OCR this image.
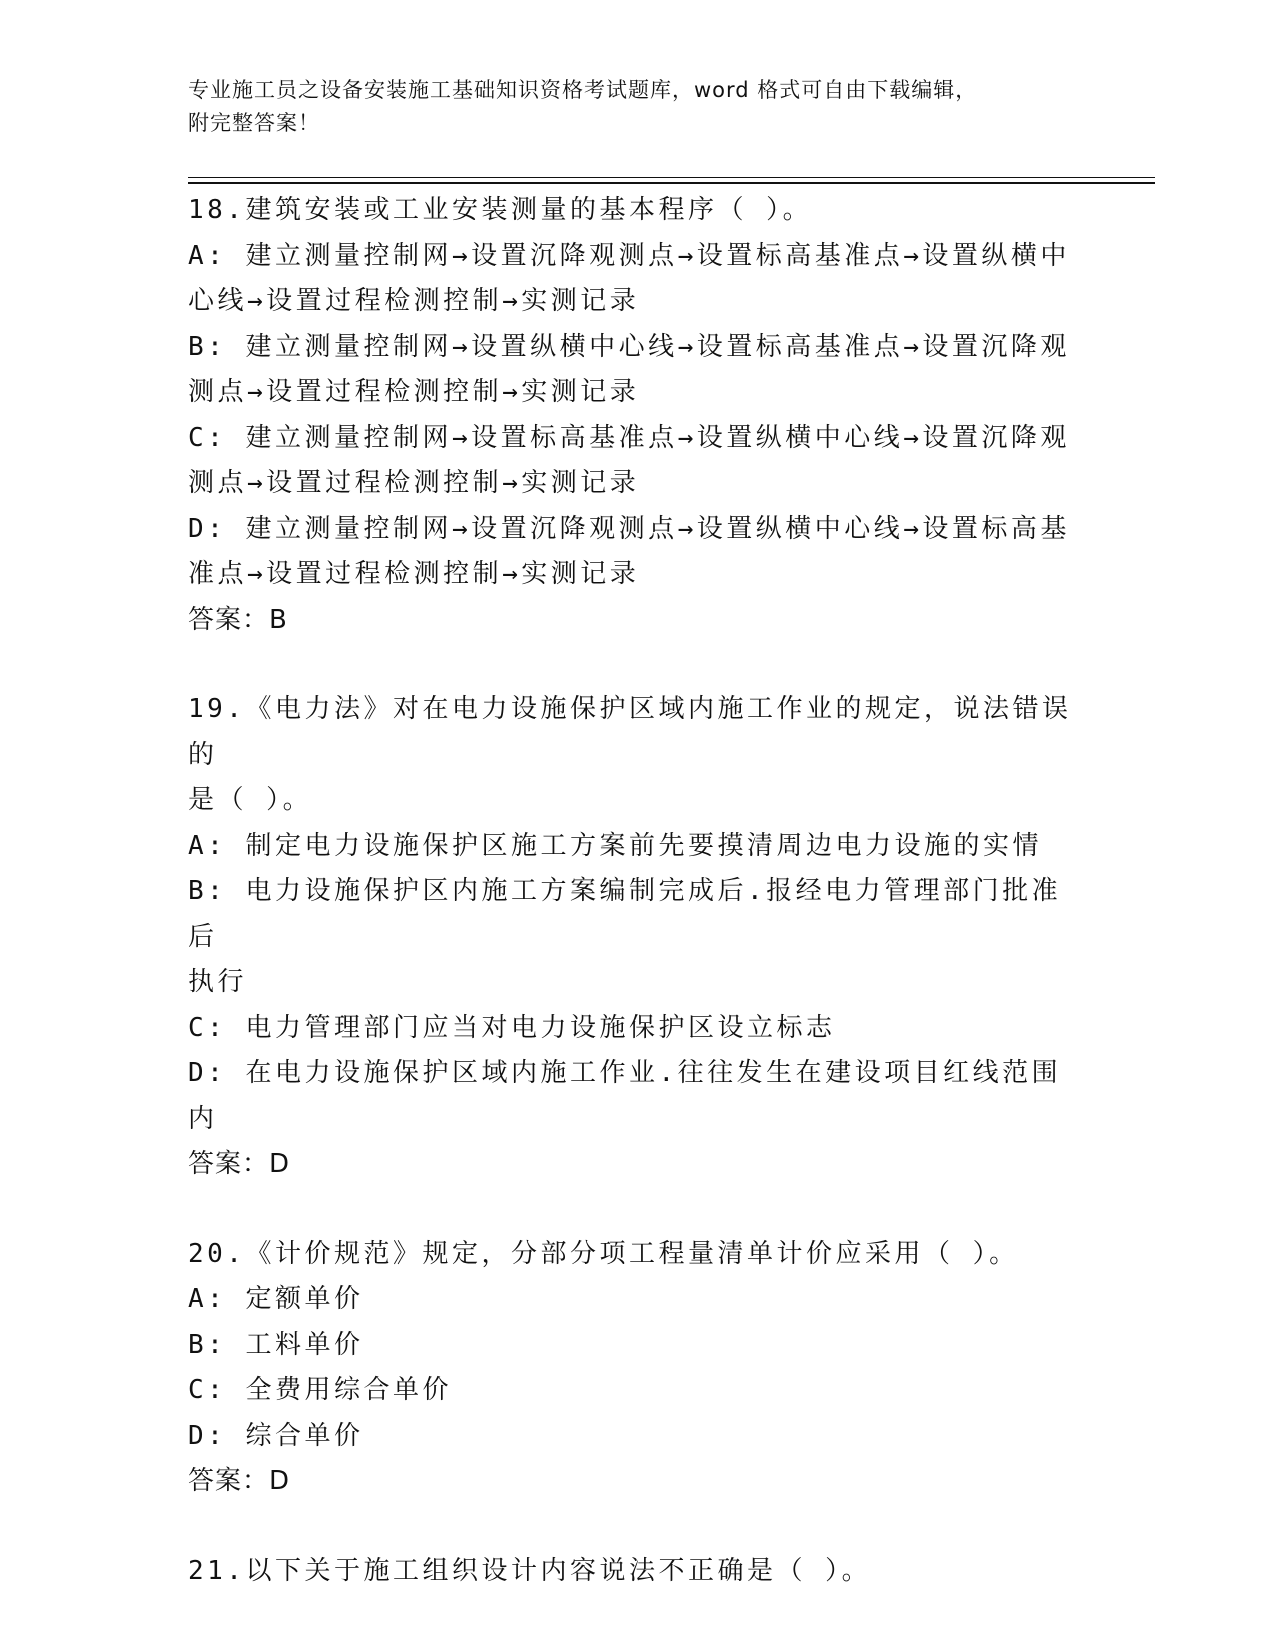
专业施工员之设备安装施工基础知识资格考试题库，word 格式可自由下载编辑，
附完整答案！
18.建筑安装或工业安装测量的基本程序（ ）。
A: 建立测量控制网→设置沉降观测点→设置标高基准点→设置纵横中
心线→设置过程检测控制→实测记录
B: 建立测量控制网→设置纵横中心线→设置标高基准点→设置沉降观
测点→设置过程检测控制→实测记录
C: 建立测量控制网→设置标高基准点→设置纵横中心线→设置沉降观
测点→设置过程检测控制→实测记录
D: 建立测量控制网→设置沉降观测点→设置纵横中心线→设置标高基
准点→设置过程检测控制→实测记录
答案：B
19.《电力法》对在电力设施保护区域内施工作业的规定，说法错误的
是（ ）。
A: 制定电力设施保护区施工方案前先要摸清周边电力设施的实情
B: 电力设施保护区内施工方案编制完成后.报经电力管理部门批准后
执行
C: 电力管理部门应当对电力设施保护区设立标志
D: 在电力设施保护区域内施工作业.往往发生在建设项目红线范围内
答案：D
20.《计价规范》规定，分部分项工程量清单计价应采用（ ）。
A: 定额单价
B: 工料单价
C: 全费用综合单价
D: 综合单价
答案：D
21.以下关于施工组织设计内容说法不正确是（ ）。
